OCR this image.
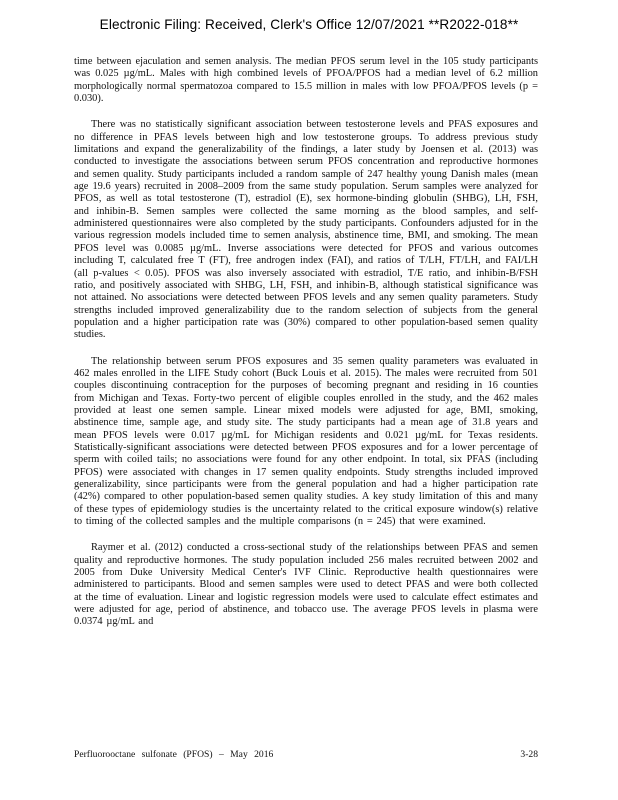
Electronic Filing: Received, Clerk's Office 12/07/2021 **R2022-018**

time between ejaculation and semen analysis. The median PFOS serum level in the 105 study participants was 0.025 µg/mL. Males with high combined levels of PFOA/PFOS had a median level of 6.2 million morphologically normal spermatozoa compared to 15.5 million in males with low PFOA/PFOS levels (p = 0.030).

There was no statistically significant association between testosterone levels and PFAS exposures and no difference in PFAS levels between high and low testosterone groups. To address previous study limitations and expand the generalizability of the findings, a later study by Joensen et al. (2013) was conducted to investigate the associations between serum PFOS concentration and reproductive hormones and semen quality. Study participants included a random sample of 247 healthy young Danish males (mean age 19.6 years) recruited in 2008–2009 from the same study population. Serum samples were analyzed for PFOS, as well as total testosterone (T), estradiol (E), sex hormone-binding globulin (SHBG), LH, FSH, and inhibin-B. Semen samples were collected the same morning as the blood samples, and self-administered questionnaires were also completed by the study participants. Confounders adjusted for in the various regression models included time to semen analysis, abstinence time, BMI, and smoking. The mean PFOS level was 0.0085 µg/mL. Inverse associations were detected for PFOS and various outcomes including T, calculated free T (FT), free androgen index (FAI), and ratios of T/LH, FT/LH, and FAI/LH (all p-values < 0.05). PFOS was also inversely associated with estradiol, T/E ratio, and inhibin-B/FSH ratio, and positively associated with SHBG, LH, FSH, and inhibin-B, although statistical significance was not attained. No associations were detected between PFOS levels and any semen quality parameters. Study strengths included improved generalizability due to the random selection of subjects from the general population and a higher participation rate was (30%) compared to other population-based semen quality studies.

The relationship between serum PFOS exposures and 35 semen quality parameters was evaluated in 462 males enrolled in the LIFE Study cohort (Buck Louis et al. 2015). The males were recruited from 501 couples discontinuing contraception for the purposes of becoming pregnant and residing in 16 counties from Michigan and Texas. Forty-two percent of eligible couples enrolled in the study, and the 462 males provided at least one semen sample. Linear mixed models were adjusted for age, BMI, smoking, abstinence time, sample age, and study site. The study participants had a mean age of 31.8 years and mean PFOS levels were 0.017 µg/mL for Michigan residents and 0.021 µg/mL for Texas residents. Statistically-significant associations were detected between PFOS exposures and for a lower percentage of sperm with coiled tails; no associations were found for any other endpoint. In total, six PFAS (including PFOS) were associated with changes in 17 semen quality endpoints. Study strengths included improved generalizability, since participants were from the general population and had a higher participation rate (42%) compared to other population-based semen quality studies. A key study limitation of this and many of these types of epidemiology studies is the uncertainty related to the critical exposure window(s) relative to timing of the collected samples and the multiple comparisons (n = 245) that were examined.

Raymer et al. (2012) conducted a cross-sectional study of the relationships between PFAS and semen quality and reproductive hormones. The study population included 256 males recruited between 2002 and 2005 from Duke University Medical Center's IVF Clinic. Reproductive health questionnaires were administered to participants. Blood and semen samples were used to detect PFAS and were both collected at the time of evaluation. Linear and logistic regression models were used to calculate effect estimates and were adjusted for age, period of abstinence, and tobacco use. The average PFOS levels in plasma were 0.0374 µg/mL and

Perfluorooctane sulfonate (PFOS) – May 2016	3-28
